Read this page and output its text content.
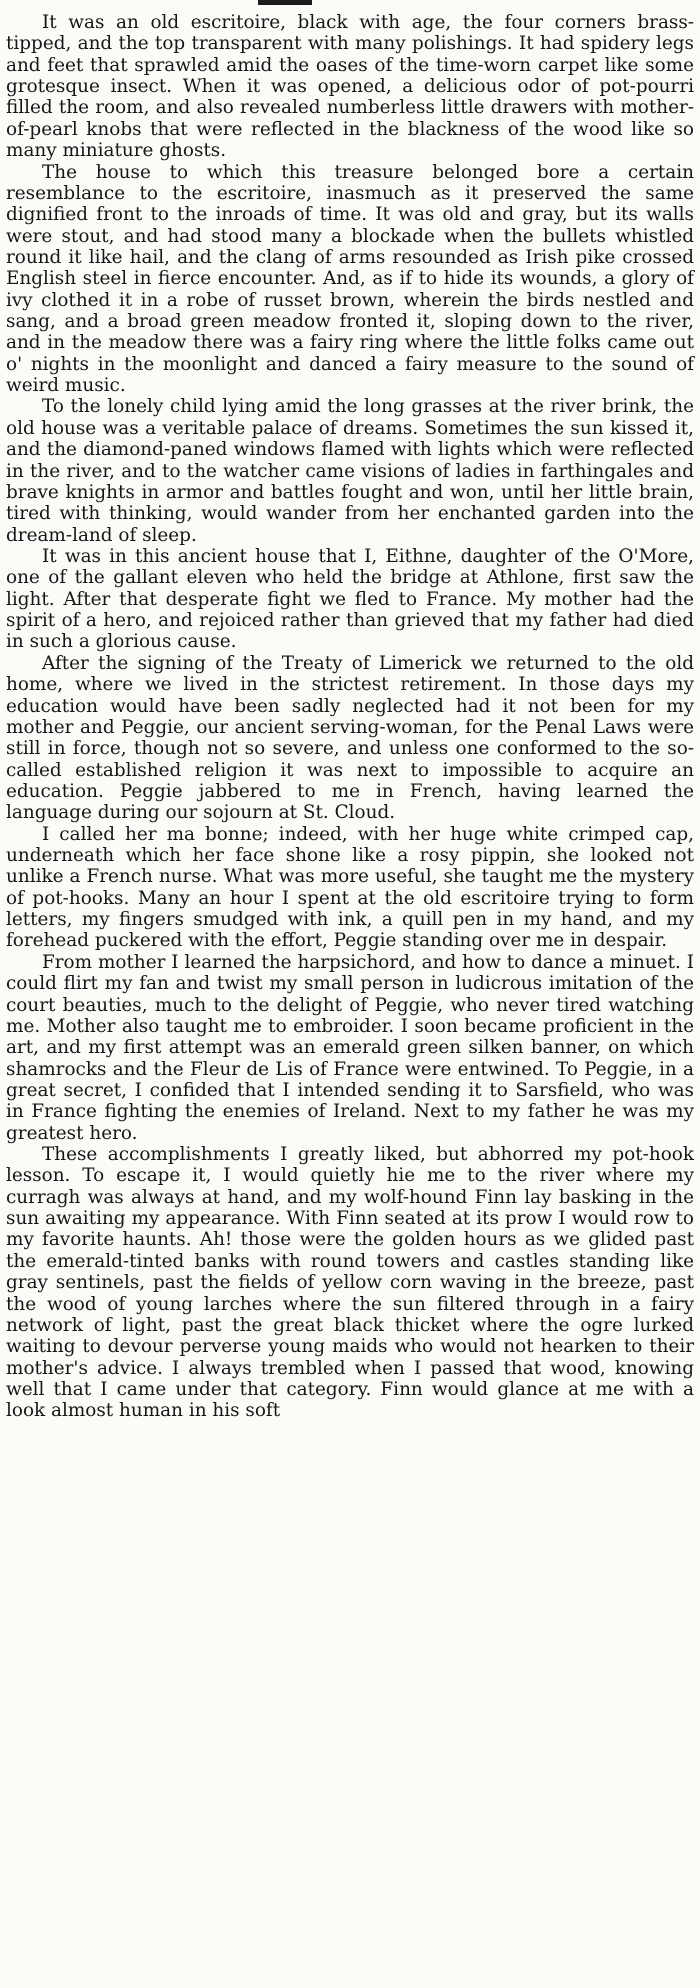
It was an old escritoire, black with age, the four corners brass-tipped, and the top transparent with many polishings. It had spidery legs and feet that sprawled amid the oases of the time-worn carpet like some grotesque insect. When it was opened, a delicious odor of pot-pourri filled the room, and also revealed numberless little drawers with mother-of-pearl knobs that were reflected in the blackness of the wood like so many miniature ghosts.

The house to which this treasure belonged bore a certain resemblance to the escritoire, inasmuch as it preserved the same dignified front to the inroads of time. It was old and gray, but its walls were stout, and had stood many a blockade when the bullets whistled round it like hail, and the clang of arms resounded as Irish pike crossed English steel in fierce encounter. And, as if to hide its wounds, a glory of ivy clothed it in a robe of russet brown, wherein the birds nestled and sang, and a broad green meadow fronted it, sloping down to the river, and in the meadow there was a fairy ring where the little folks came out o' nights in the moonlight and danced a fairy measure to the sound of weird music.

To the lonely child lying amid the long grasses at the river brink, the old house was a veritable palace of dreams. Sometimes the sun kissed it, and the diamond-paned windows flamed with lights which were reflected in the river, and to the watcher came visions of ladies in farthingales and brave knights in armor and battles fought and won, until her little brain, tired with thinking, would wander from her enchanted garden into the dream-land of sleep.

It was in this ancient house that I, Eithne, daughter of the O'More, one of the gallant eleven who held the bridge at Athlone, first saw the light. After that desperate fight we fled to France. My mother had the spirit of a hero, and rejoiced rather than grieved that my father had died in such a glorious cause.

After the signing of the Treaty of Limerick we returned to the old home, where we lived in the strictest retirement. In those days my education would have been sadly neglected had it not been for my mother and Peggie, our ancient serving-woman, for the Penal Laws were still in force, though not so severe, and unless one conformed to the so-called established religion it was next to impossible to acquire an education. Peggie jabbered to me in French, having learned the language during our sojourn at St. Cloud.

I called her ma bonne; indeed, with her huge white crimped cap, underneath which her face shone like a rosy pippin, she looked not unlike a French nurse. What was more useful, she taught me the mystery of pot-hooks. Many an hour I spent at the old escritoire trying to form letters, my fingers smudged with ink, a quill pen in my hand, and my forehead puckered with the effort, Peggie standing over me in despair.

From mother I learned the harpsichord, and how to dance a minuet. I could flirt my fan and twist my small person in ludicrous imitation of the court beauties, much to the delight of Peggie, who never tired watching me. Mother also taught me to embroider. I soon became proficient in the art, and my first attempt was an emerald green silken banner, on which shamrocks and the Fleur de Lis of France were entwined. To Peggie, in a great secret, I confided that I intended sending it to Sarsfield, who was in France fighting the enemies of Ireland. Next to my father he was my greatest hero.

These accomplishments I greatly liked, but abhorred my pot-hook lesson. To escape it, I would quietly hie me to the river where my curragh was always at hand, and my wolf-hound Finn lay basking in the sun awaiting my appearance. With Finn seated at its prow I would row to my favorite haunts. Ah! those were the golden hours as we glided past the emerald-tinted banks with round towers and castles standing like gray sentinels, past the fields of yellow corn waving in the breeze, past the wood of young larches where the sun filtered through in a fairy network of light, past the great black thicket where the ogre lurked waiting to devour perverse young maids who would not hearken to their mother's advice. I always trembled when I passed that wood, knowing well that I came under that category. Finn would glance at me with a look almost human in his soft
